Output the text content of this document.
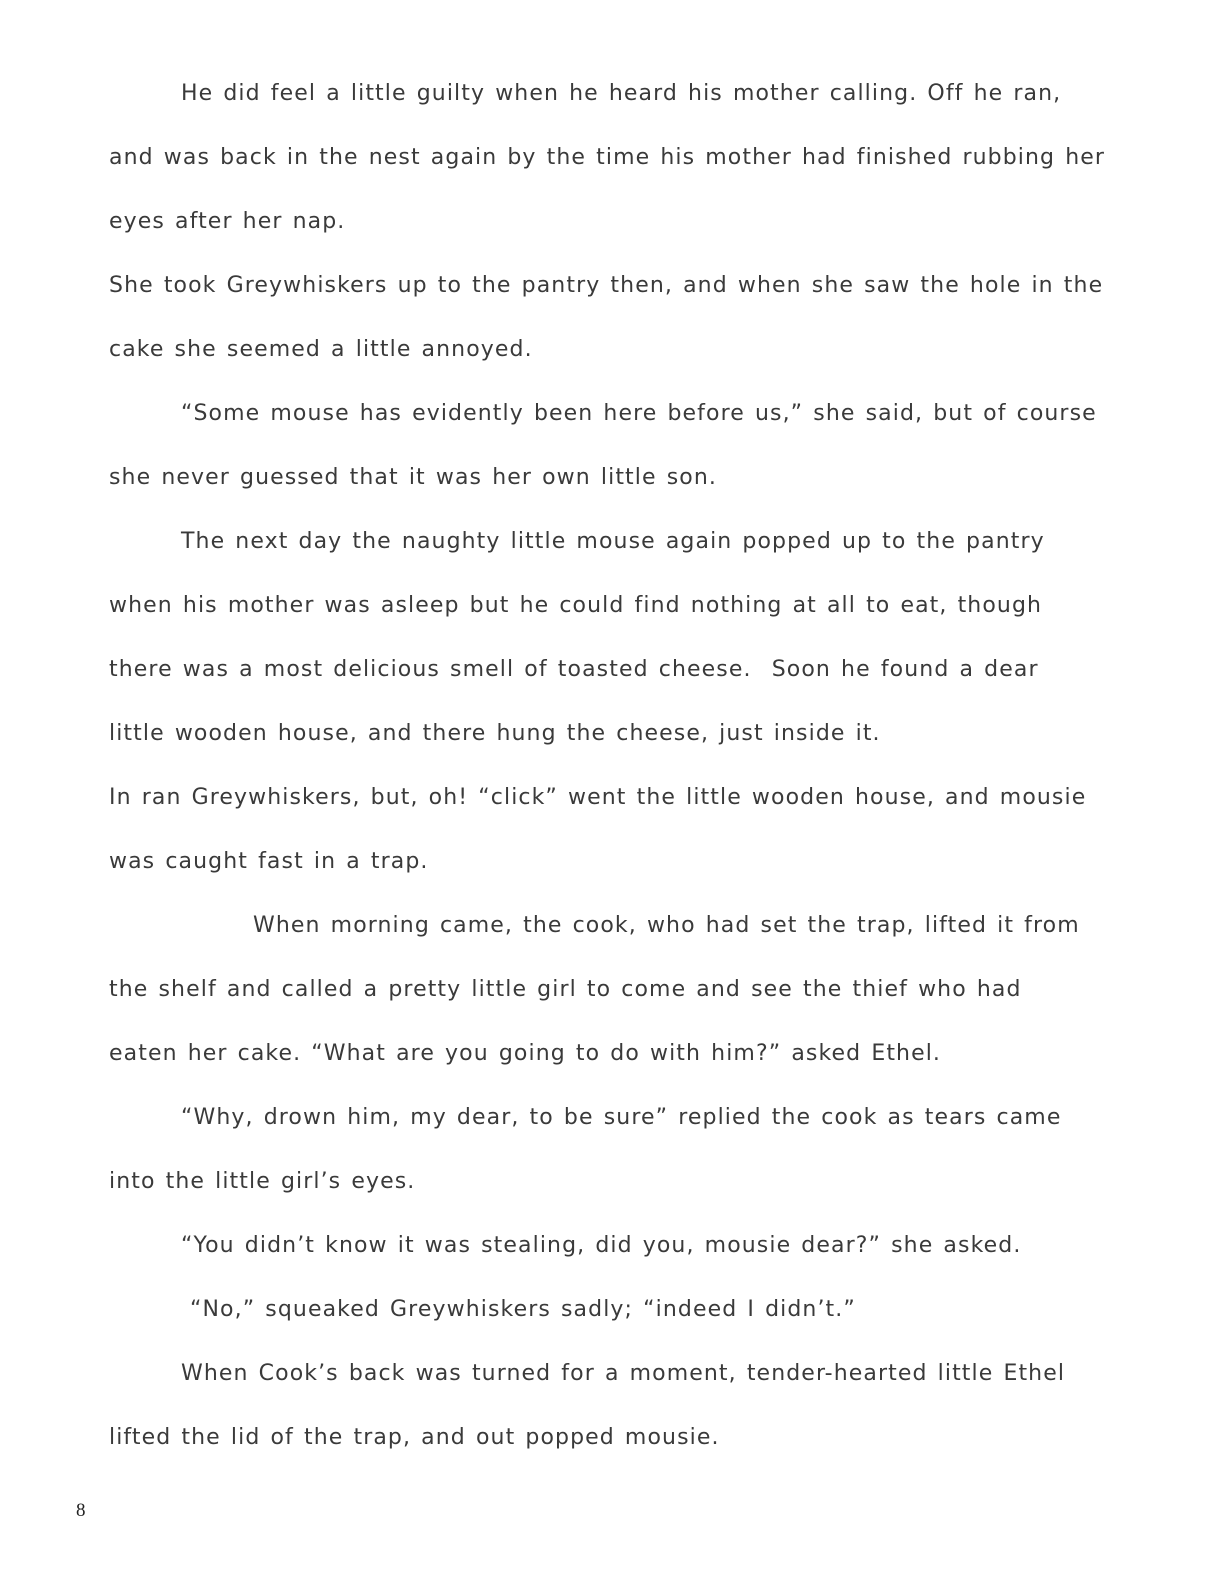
He did feel a little guilty when he heard his mother calling. Off he ran,
and was back in the nest again by the time his mother had finished rubbing her
eyes after her nap.
She took Greywhiskers up to the pantry then, and when she saw the hole in the
cake she seemed a little annoyed.
“Some mouse has evidently been here before us,” she said, but of course
she never guessed that it was her own little son.
The next day the naughty little mouse again popped up to the pantry
when his mother was asleep but he could find nothing at all to eat, though
there was a most delicious smell of toasted cheese.  Soon he found a dear
little wooden house, and there hung the cheese, just inside it.
In ran Greywhiskers, but, oh! “click” went the little wooden house, and mousie
was caught fast in a trap.
When morning came, the cook, who had set the trap, lifted it from
the shelf and called a pretty little girl to come and see the thief who had
eaten her cake. “What are you going to do with him?” asked Ethel.
“Why, drown him, my dear, to be sure” replied the cook as tears came
into the little girl’s eyes.
“You didn’t know it was stealing, did you, mousie dear?” she asked.
“No,” squeaked Greywhiskers sadly; “indeed I didn’t.”
When Cook’s back was turned for a moment, tender-hearted little Ethel
lifted the lid of the trap, and out popped mousie.
8
